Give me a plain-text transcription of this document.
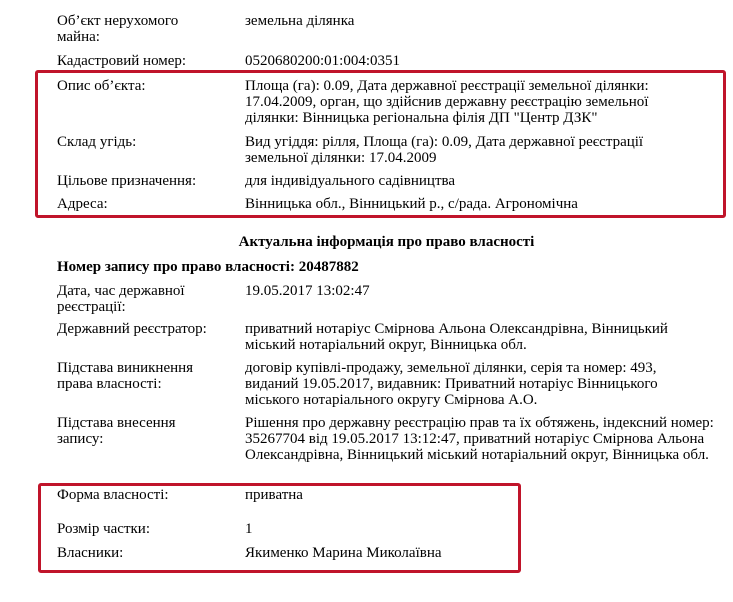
Об’єкт нерухомого майна:
земельна ділянка
Кадастровий номер:	0520680200:01:004:0351
Опис об’єкта:	Площа (га): 0.09, Дата державної реєстрації земельної ділянки: 17.04.2009, орган, що здійснив державну реєстрацію земельної ділянки: Вінницька регіональна філія ДП "Центр ДЗК"
Склад угідь:	Вид угіддя: рілля, Площа (га): 0.09, Дата державної реєстрації земельної ділянки: 17.04.2009
Цільове призначення:	для індивідуального садівництва
Адреса:	Вінницька обл., Вінницький р., с/рада. Агрономічна
Актуальна інформація про право власності
Номер запису про право власності: 20487882
Дата, час державної реєстрації:
19.05.2017 13:02:47
Державний реєстратор:	приватний нотаріус Смірнова Альона Олександрівна, Вінницький міський нотаріальний округ, Вінницька обл.
Підстава виникнення права власності:
договір купівлі-продажу, земельної ділянки, серія та номер: 493, виданий 19.05.2017, видавник: Приватний нотаріус Вінницького міського нотаріального округу Смірнова А.О.
Підстава внесення запису:
Рішення про державну реєстрацію прав та їх обтяжень, індексний номер: 35267704 від 19.05.2017 13:12:47, приватний нотаріус Смірнова Альона Олександрівна, Вінницький міський нотаріальний округ, Вінницька обл.
Форма власності:	приватна
Розмір частки:	1
Власники:	Якименко Марина Миколаївна
